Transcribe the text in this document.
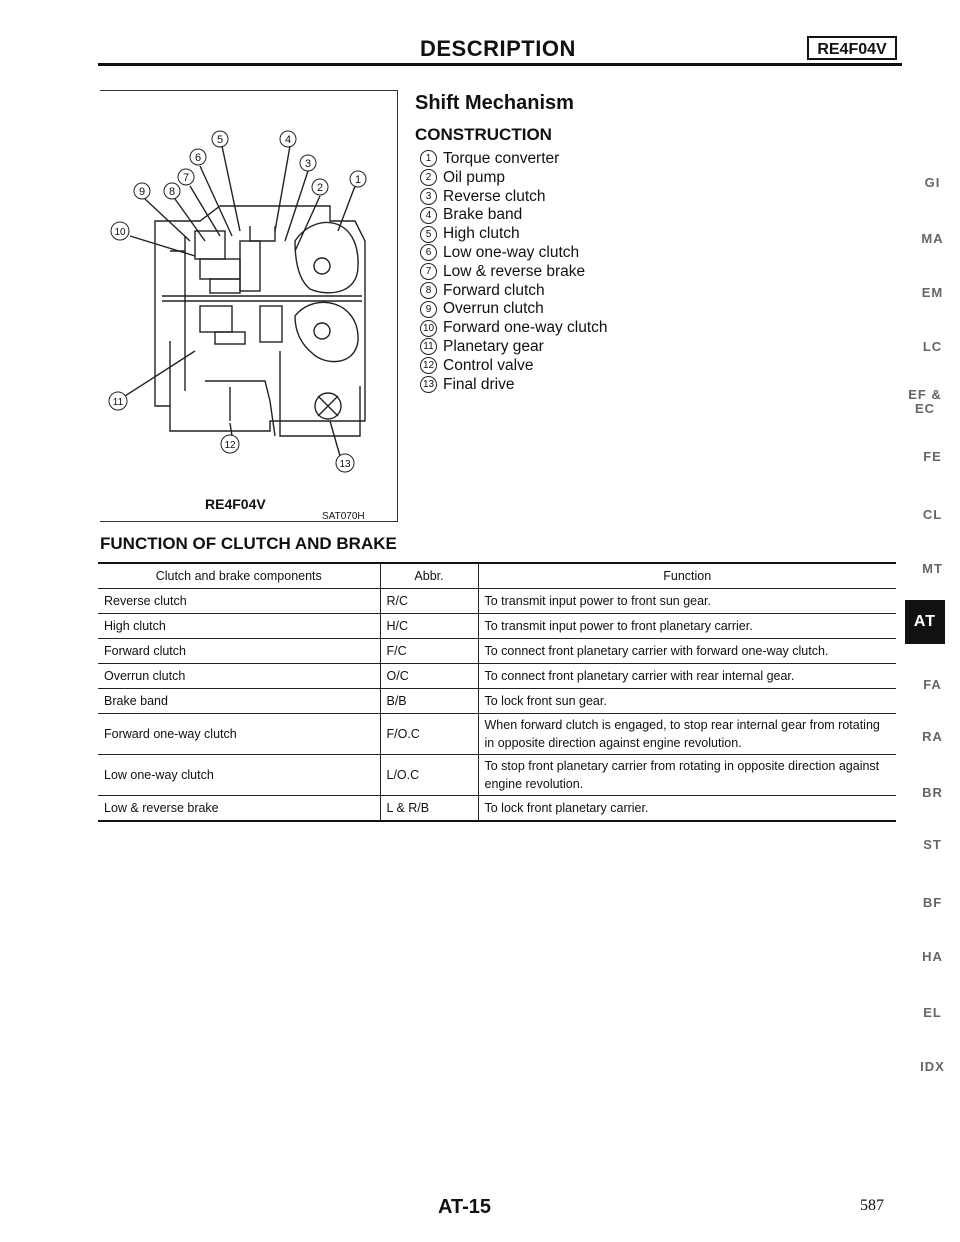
DESCRIPTION	RE4F04V
5	4
6	3
7
2
1
9 8
10
11
12
13
RE4F04V
SAT070H
Shift Mechanism
CONSTRUCTION
1 Torque converter
2 Oil pump
3 Reverse clutch
4 Brake band
5 High clutch
6 Low one-way clutch
7 Low & reverse brake
8 Forward clutch
9 Overrun clutch
10 Forward one-way clutch
11 Planetary gear
12 Control valve
13 Final drive
FUNCTION OF CLUTCH AND BRAKE
Clutch and brake components	Abbr.	Function
Reverse clutch	R/C	To transmit input power to front sun gear.
High clutch	H/C	To transmit input power to front planetary carrier.
Forward clutch	F/C	To connect front planetary carrier with forward one-way clutch.
Overrun clutch	O/C	To connect front planetary carrier with rear internal gear.
Brake band	B/B	To lock front sun gear.
Forward one-way clutch	F/O.C	When forward clutch is engaged, to stop rear internal gear from rotating in opposite direction against engine revolution.
Low one-way clutch	L/O.C	To stop front planetary carrier from rotating in opposite direction against engine revolution.
Low & reverse brake	L & R/B	To lock front planetary carrier.
GI
MA
EM
LC
EF & EC
FE
CL
MT
AT
FA
RA
BR
ST
BF
HA
EL
IDX
AT-15	587
